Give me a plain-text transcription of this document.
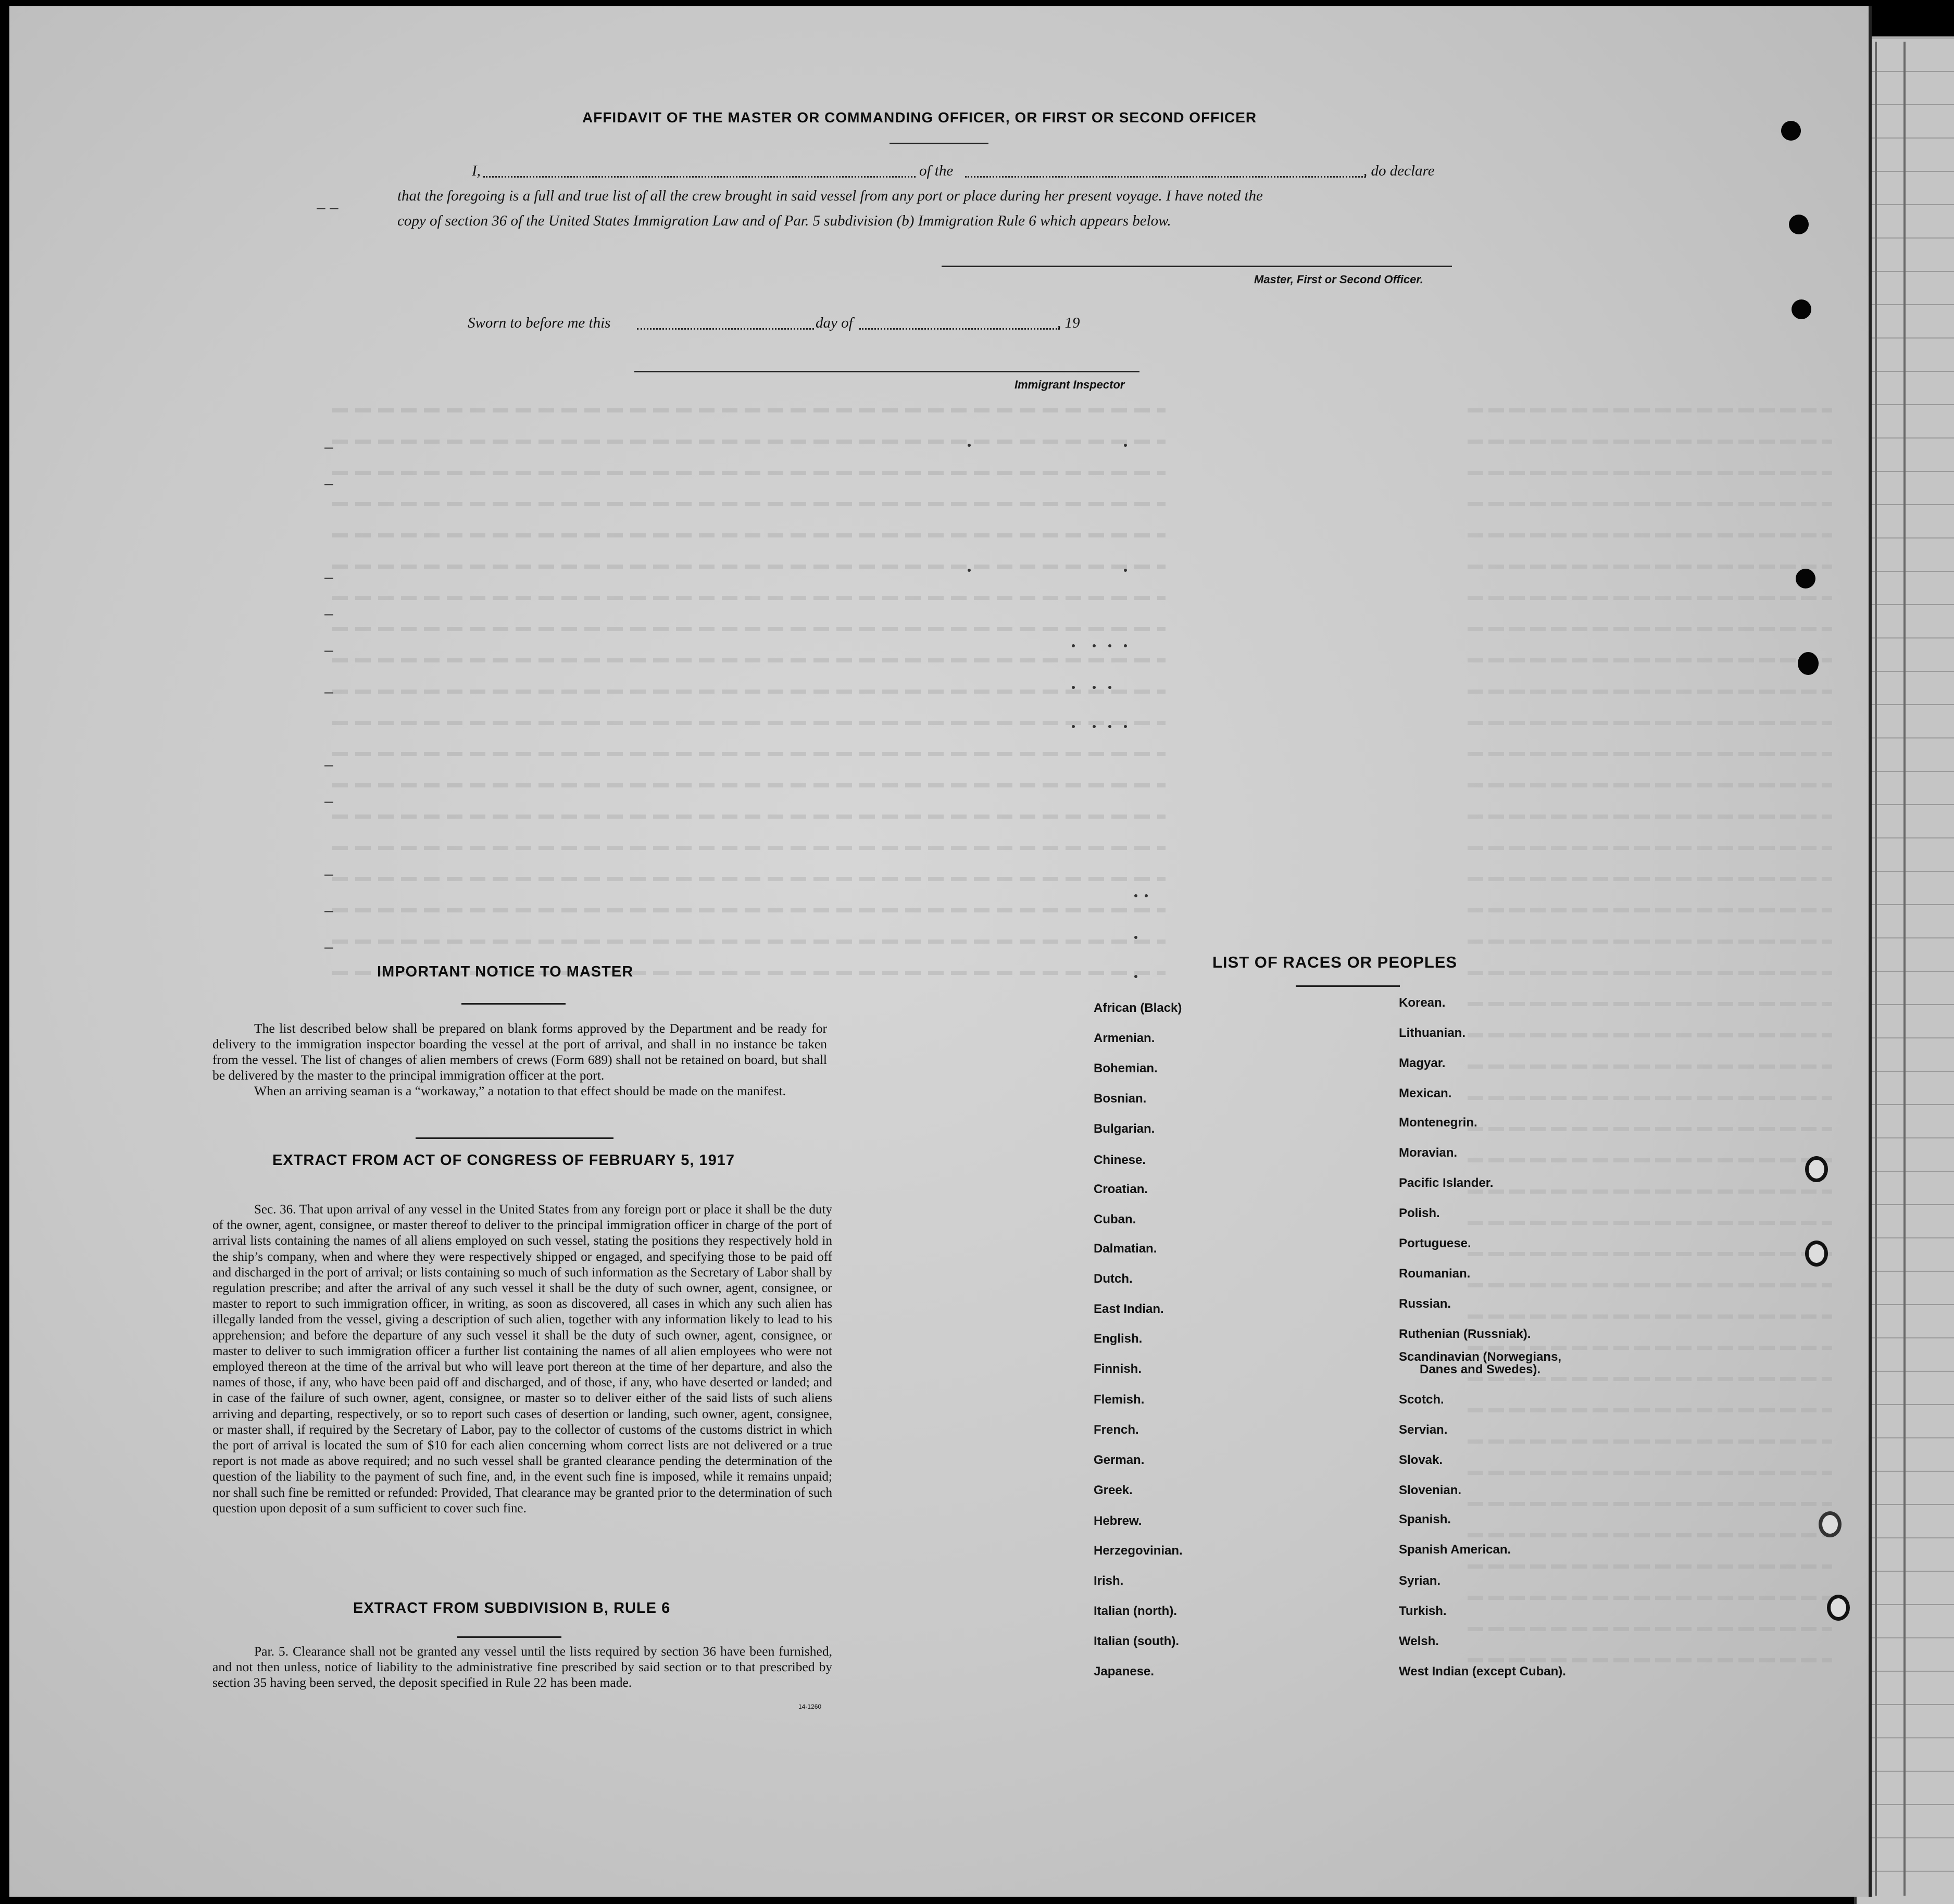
– –
–
–
–
–
–
–
–
–
–
–
–
AFFIDAVIT OF THE MASTER OR COMMANDING OFFICER, OR FIRST OR SECOND OFFICER
I,	of the	, do declare
that the foregoing is a full and true list of all the crew brought in said vessel from any port or place during her present voyage. I have noted the
copy of section 36 of the United States Immigration Law and of Par. 5 subdivision (b) Immigration Rule 6 which appears below.
Master, First or Second Officer.
Sworn to before me this	day of	, 19
Immigrant Inspector
IMPORTANT NOTICE TO MASTER

The list described below shall be prepared on blank forms approved by the Department and be ready for delivery to the immigration inspector boarding the vessel at the port of arrival, and shall in no instance be taken from the vessel. The list of changes of alien members of crews (Form 689) shall not be retained on board, but shall be delivered by the master to the principal immigration officer at the port.

When an arriving seaman is a “workaway,” a notation to that effect should be made on the manifest.

EXTRACT FROM ACT OF CONGRESS OF FEBRUARY 5, 1917

Sec. 36. That upon arrival of any vessel in the United States from any foreign port or place it shall be the duty of the owner, agent, consignee, or master thereof to deliver to the principal immigration officer in charge of the port of arrival lists containing the names of all aliens employed on such vessel, stating the positions they respectively hold in the ship’s company, when and where they were respectively shipped or engaged, and specifying those to be paid off and discharged in the port of arrival; or lists containing so much of such information as the Secretary of Labor shall by regulation prescribe; and after the arrival of any such vessel it shall be the duty of such owner, agent, consignee, or master to report to such immigration officer, in writing, as soon as discovered, all cases in which any such alien has illegally landed from the vessel, giving a description of such alien, together with any information likely to lead to his apprehension; and before the departure of any such vessel it shall be the duty of such owner, agent, consignee, or master to deliver to such immigration officer a further list containing the names of all alien employees who were not employed thereon at the time of the arrival but who will leave port thereon at the time of her departure, and also the names of those, if any, who have been paid off and discharged, and of those, if any, who have deserted or landed; and in case of the failure of such owner, agent, consignee, or master so to deliver either of the said lists of such aliens arriving and departing, respectively, or so to report such cases of desertion or landing, such owner, agent, consignee, or master shall, if required by the Secretary of Labor, pay to the collector of customs of the customs district in which the port of arrival is located the sum of $10 for each alien concerning whom correct lists are not delivered or a true report is not made as above required; and no such vessel shall be granted clearance pending the determination of the question of the liability to the payment of such fine, and, in the event such fine is imposed, while it remains unpaid; nor shall such fine be remitted or refunded: Provided, That clearance may be granted prior to the determination of such question upon deposit of a sum sufficient to cover such fine.

EXTRACT FROM SUBDIVISION B, RULE 6

Par. 5. Clearance shall not be granted any vessel until the lists required by section 36 have been furnished, and not then unless, notice of liability to the administrative fine prescribed by said section or to that prescribed by section 35 having been served, the deposit specified in Rule 22 has been made.

14-1260
LIST OF RACES OR PEOPLES
African (Black)
Armenian.
Bohemian.
Bosnian.
Bulgarian.
Chinese.
Croatian.
Cuban.
Dalmatian.
Dutch.
East Indian.
English.
Finnish.
Flemish.
French.
German.
Greek.
Hebrew.
Herzegovinian.
Irish.
Italian (north).
Italian (south).
Japanese.
Korean.
Lithuanian.
Magyar.
Mexican.
Montenegrin.
Moravian.
Pacific Islander.
Polish.
Portuguese.
Roumanian.
Russian.
Ruthenian (Russniak).
Scandinavian (Norwegians,
Danes and Swedes).
Scotch.
Servian.
Slovak.
Slovenian.
Spanish.
Spanish American.
Syrian.
Turkish.
Welsh.
West Indian (except Cuban).
